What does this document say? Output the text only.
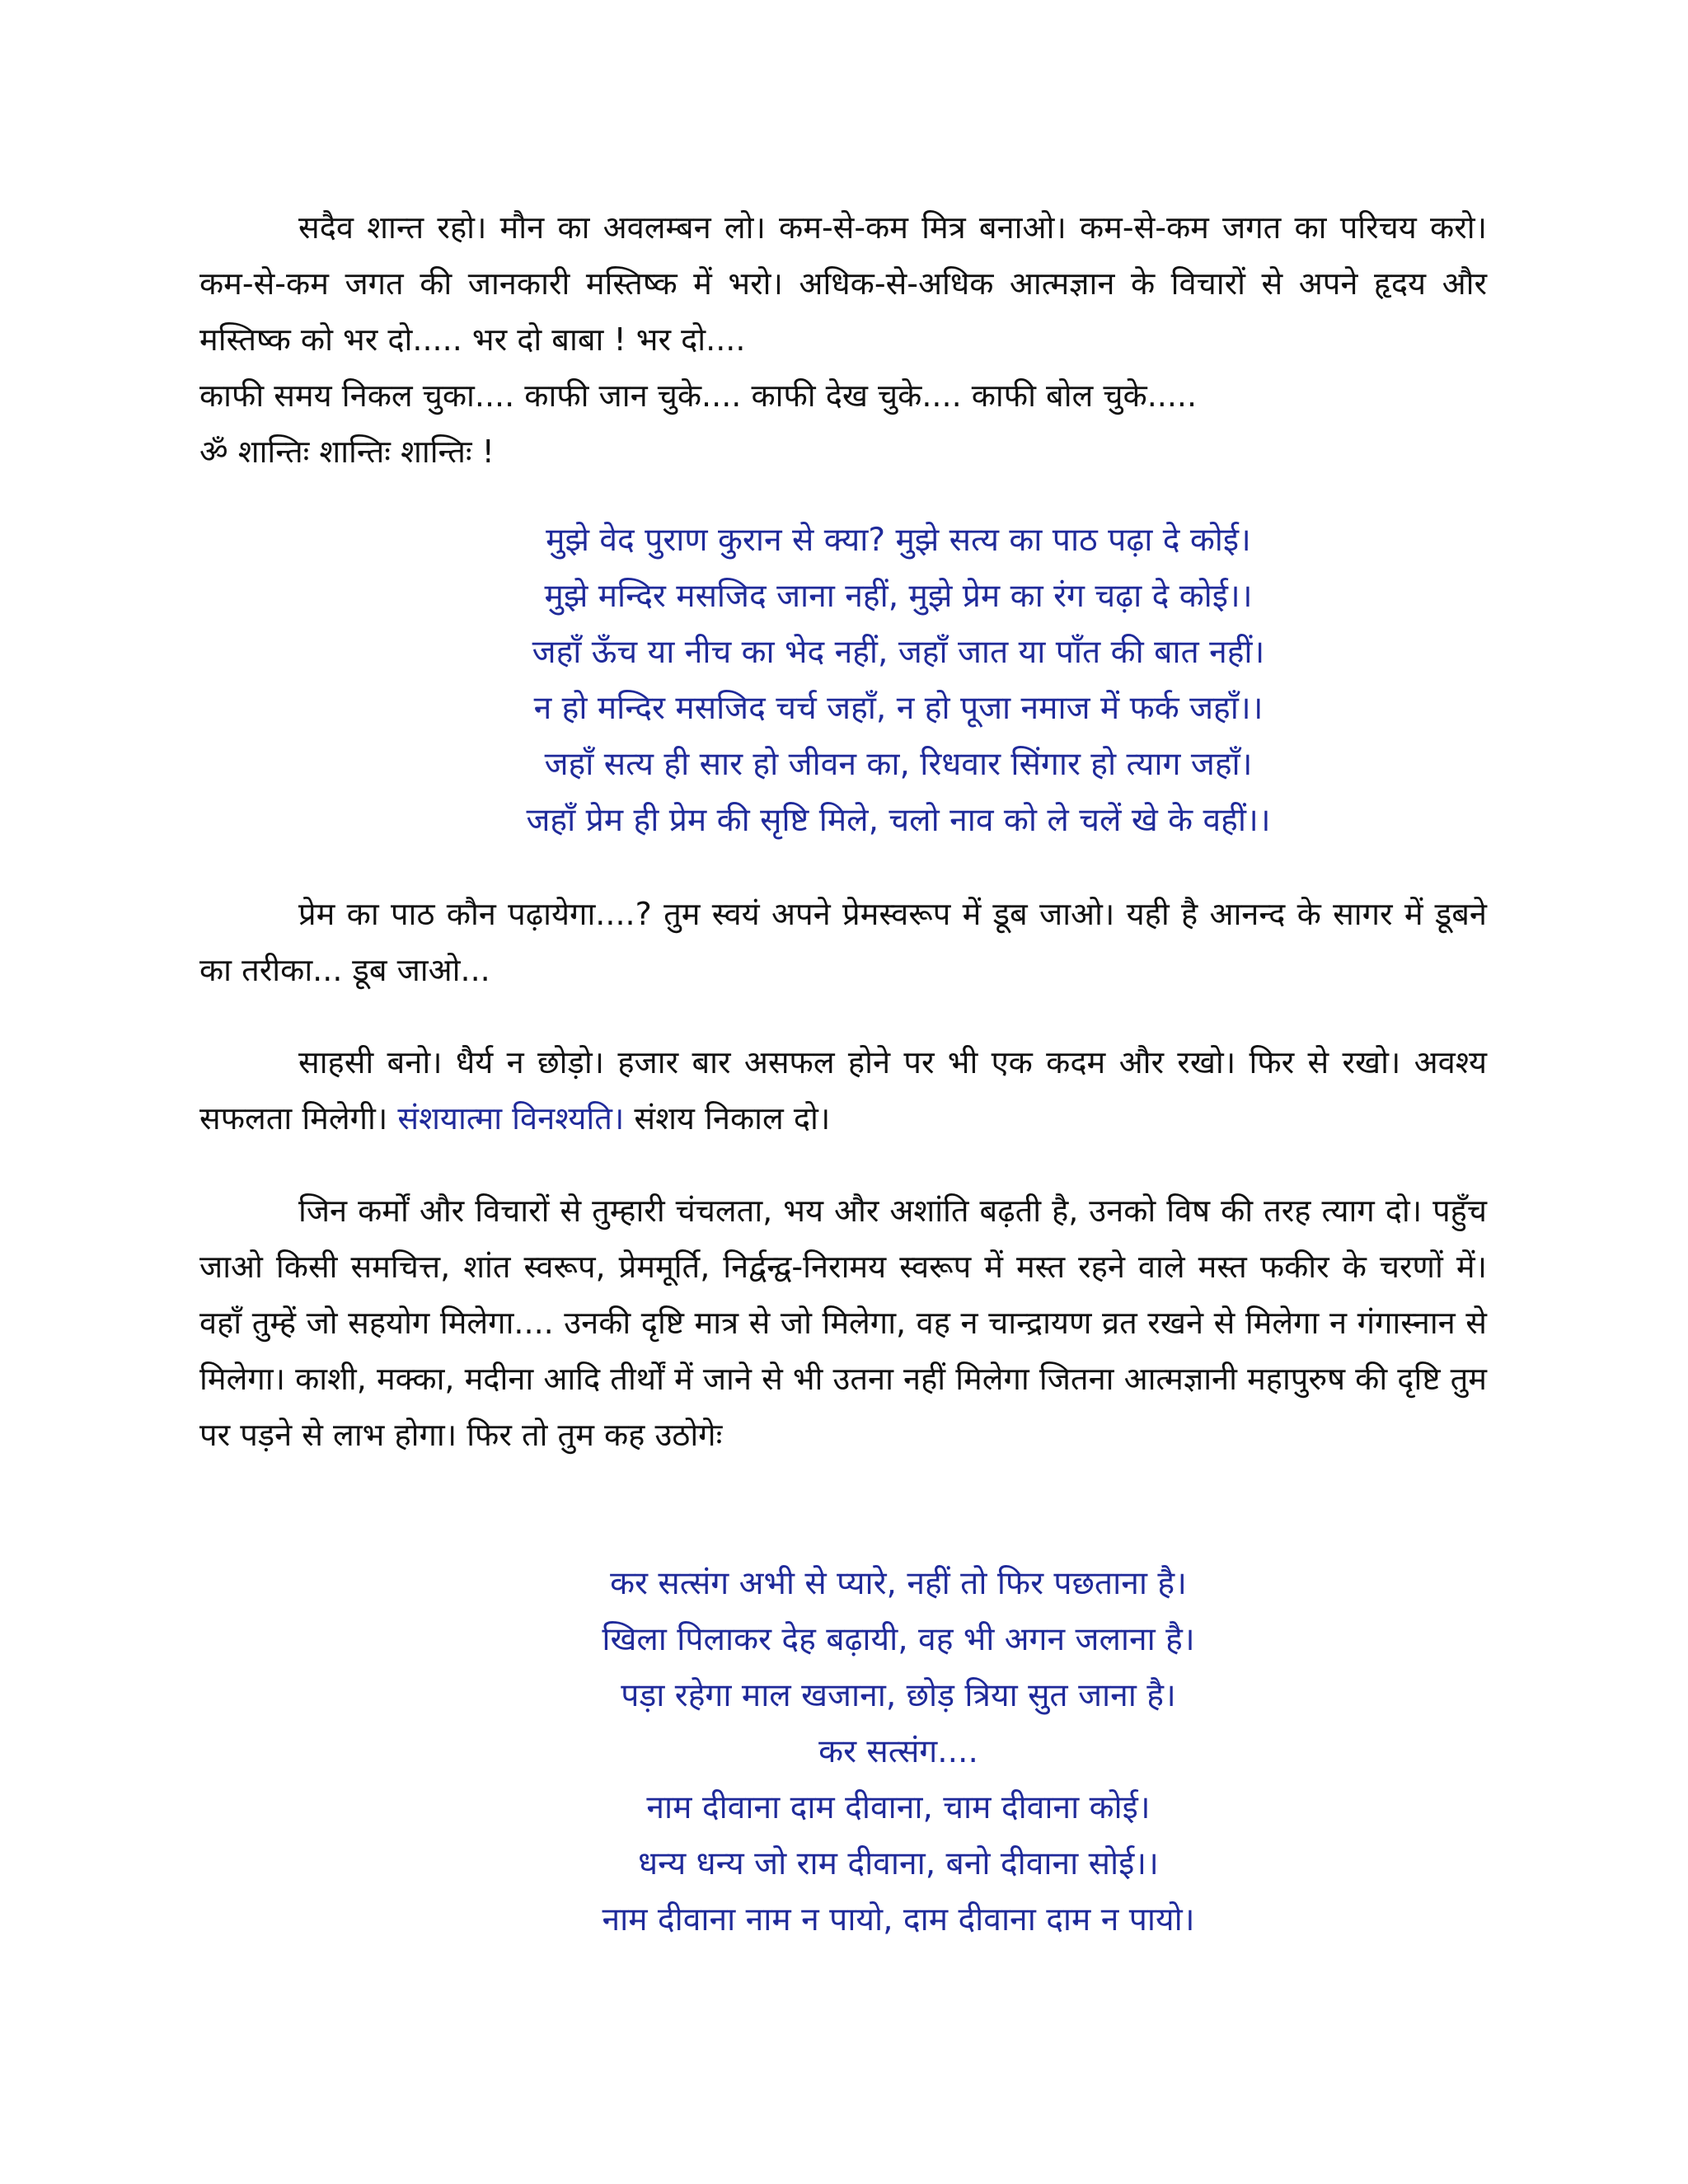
सदैव शान्त रहो। मौन का अवलम्बन लो। कम-से-कम मित्र बनाओ। कम-से-कम जगत का परिचय करो। कम-से-कम जगत की जानकारी मस्तिष्क में भरो। अधिक-से-अधिक आत्मज्ञान के विचारों से अपने हृदय और मस्तिष्क को भर दो..... भर दो बाबा ! भर दो....
काफी समय निकल चुका.... काफी जान चुके.... काफी देख चुके.... काफी बोल चुके.....

ॐ शान्तिः शान्तिः शान्तिः !

मुझे वेद पुराण कुरान से क्या? मुझे सत्य का पाठ पढ़ा दे कोई।
मुझे मन्दिर मसजिद जाना नहीं, मुझे प्रेम का रंग चढ़ा दे कोई।।
जहाँ ऊँच या नीच का भेद नहीं, जहाँ जात या पाँत की बात नहीं।
न हो मन्दिर मसजिद चर्च जहाँ, न हो पूजा नमाज में फर्क जहाँ।।
जहाँ सत्य ही सार हो जीवन का, रिधवार सिंगार हो त्याग जहाँ।
जहाँ प्रेम ही प्रेम की सृष्टि मिले, चलो नाव को ले चलें खे के वहीं।।

प्रेम का पाठ कौन पढ़ायेगा....? तुम स्वयं अपने प्रेमस्वरूप में डूब जाओ। यही है आनन्द के सागर में डूबने का तरीका... डूब जाओ...

साहसी बनो। धैर्य न छोड़ो। हजार बार असफल होने पर भी एक कदम और रखो। फिर से रखो। अवश्य सफलता मिलेगी। संशयात्मा विनश्यति। संशय निकाल दो।

जिन कर्मों और विचारों से तुम्हारी चंचलता, भय और अशांति बढ़ती है, उनको विष की तरह त्याग दो। पहुँच जाओ किसी समचित्त, शांत स्वरूप, प्रेममूर्ति, निर्द्वन्द्व-निरामय स्वरूप में मस्त रहने वाले मस्त फकीर के चरणों में। वहाँ तुम्हें जो सहयोग मिलेगा.... उनकी दृष्टि मात्र से जो मिलेगा, वह न चान्द्रायण व्रत रखने से मिलेगा न गंगास्नान से मिलेगा। काशी, मक्का, मदीना आदि तीर्थों में जाने से भी उतना नहीं मिलेगा जितना आत्मज्ञानी महापुरुष की दृष्टि तुम पर पड़ने से लाभ होगा। फिर तो तुम कह उठोगेः

कर सत्संग अभी से प्यारे, नहीं तो फिर पछताना है।
खिला पिलाकर देह बढ़ायी, वह भी अगन जलाना है।
पड़ा रहेगा माल खजाना, छोड़ त्रिया सुत जाना है।
कर सत्संग....
नाम दीवाना दाम दीवाना, चाम दीवाना कोई।
धन्य धन्य जो राम दीवाना, बनो दीवाना सोई।।
नाम दीवाना नाम न पायो, दाम दीवाना दाम न पायो।
